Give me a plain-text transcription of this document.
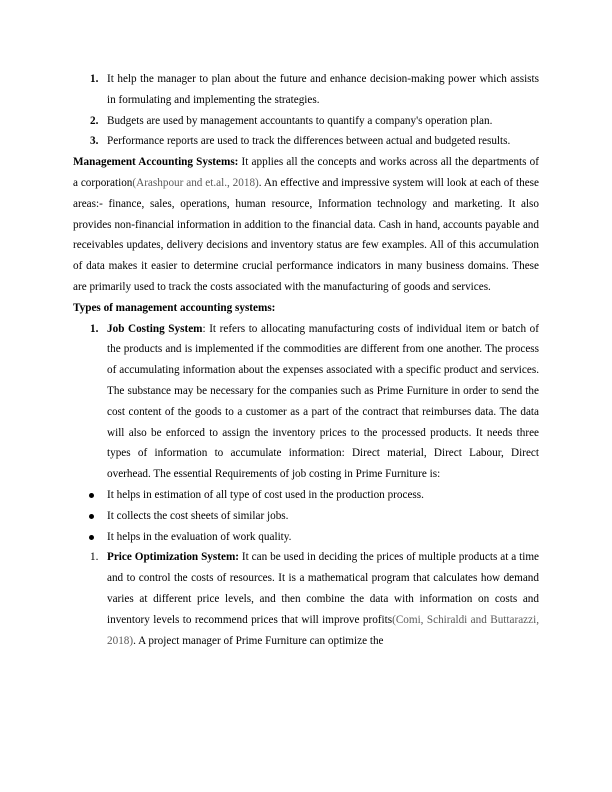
1. It help the manager to plan about the future and enhance decision-making power which assists in formulating and implementing the strategies.

2. Budgets are used by management accountants to quantify a company's operation plan.

3. Performance reports are used to track the differences between actual and budgeted results.

Management Accounting Systems: It applies all the concepts and works across all the departments of a corporation(Arashpour and et.al., 2018). An effective and impressive system will look at each of these areas:- finance, sales, operations, human resource, Information technology and marketing. It also provides non-financial information in addition to the financial data. Cash in hand, accounts payable and receivables updates, delivery decisions and inventory status are few examples. All of this accumulation of data makes it easier to determine crucial performance indicators in many business domains. These are primarily used to track the costs associated with the manufacturing of goods and services.

Types of management accounting systems:

1. Job Costing System: It refers to allocating manufacturing costs of individual item or batch of the products and is implemented if the commodities are different from one another. The process of accumulating information about the expenses associated with a specific product and services. The substance may be necessary for the companies such as Prime Furniture in order to send the cost content of the goods to a customer as a part of the contract that reimburses data. The data will also be enforced to assign the inventory prices to the processed products. It needs three types of information to accumulate information: Direct material, Direct Labour, Direct overhead. The essential Requirements of job costing in Prime Furniture is:

It helps in estimation of all type of cost used in the production process.

It collects the cost sheets of similar jobs.

It helps in the evaluation of work quality.

1. Price Optimization System: It can be used in deciding the prices of multiple products at a time and to control the costs of resources. It is a mathematical program that calculates how demand varies at different price levels, and then combine the data with information on costs and inventory levels to recommend prices that will improve profits(Comi, Schiraldi and Buttarazzi, 2018). A project manager of Prime Furniture can optimize the
